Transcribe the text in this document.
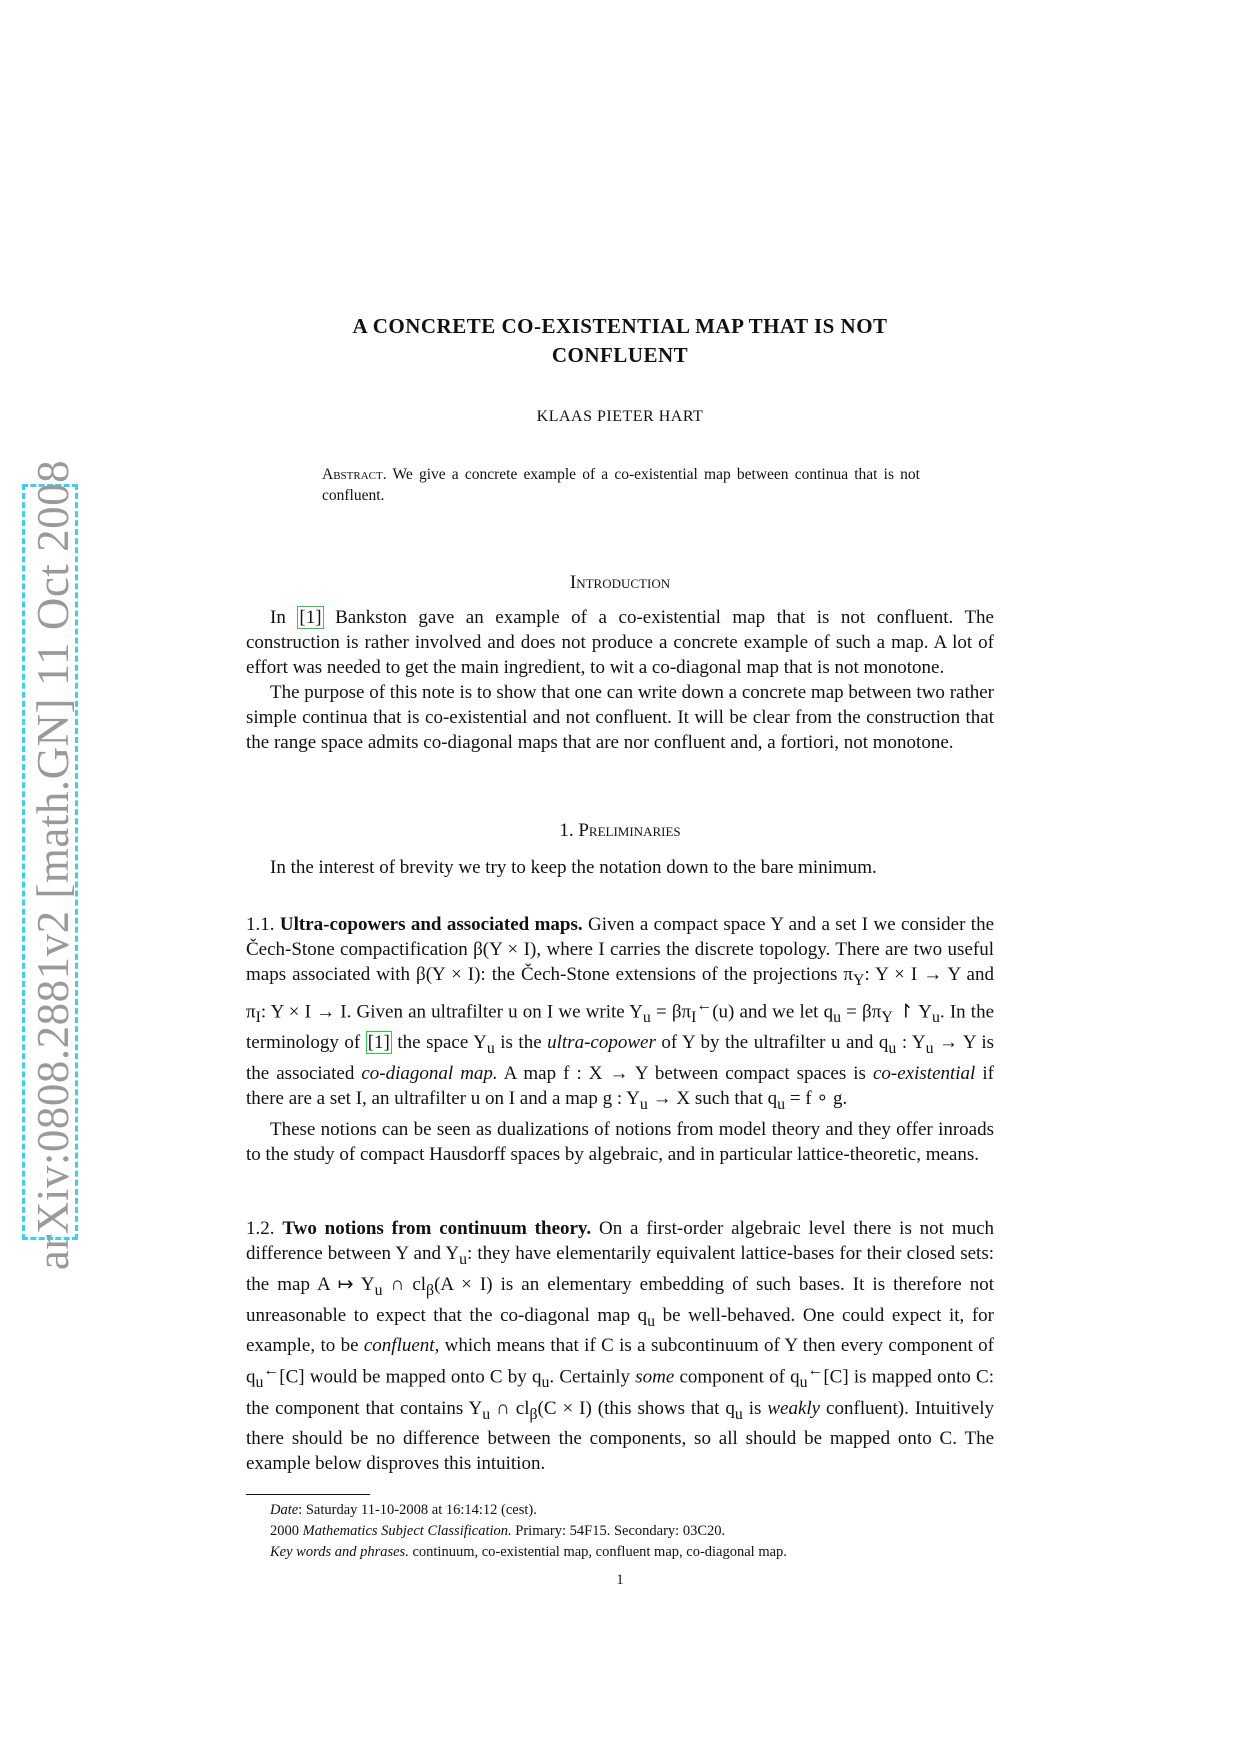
arXiv:0808.2881v2 [math.GN] 11 Oct 2008
A CONCRETE CO-EXISTENTIAL MAP THAT IS NOT
CONFLUENT
KLAAS PIETER HART
Abstract. We give a concrete example of a co-existential map between continua that is not confluent.
Introduction

In [1] Bankston gave an example of a co-existential map that is not confluent. The construction is rather involved and does not produce a concrete example of such a map. A lot of effort was needed to get the main ingredient, to wit a co-diagonal map that is not monotone.

The purpose of this note is to show that one can write down a concrete map between two rather simple continua that is co-existential and not confluent. It will be clear from the construction that the range space admits co-diagonal maps that are nor confluent and, a fortiori, not monotone.

1. Preliminaries

In the interest of brevity we try to keep the notation down to the bare minimum.

1.1. Ultra-copowers and associated maps. Given a compact space Y and a set I we consider the Čech-Stone compactification β(Y × I), where I carries the discrete topology. There are two useful maps associated with β(Y × I): the Čech-Stone extensions of the projections $\pi_Y$: Y × I → Y and $\pi_I$: Y × I → I. Given an ultrafilter u on I we write $Y_u = \beta\pi_I^\leftarrow(u)$ and we let $q_u = \beta\pi_Y$ ↾ $Y_u$. In the terminology of [1] the space $Y_u$ is the ultra-copower of Y by the ultrafilter u and $q_u$ : $Y_u \to Y$ is the associated co-diagonal map. A map f : X → Y between compact spaces is co-existential if there are a set I, an ultrafilter u on I and a map g : $Y_u \to X$ such that $q_u = f$ ∘ g.

These notions can be seen as dualizations of notions from model theory and they offer inroads to the study of compact Hausdorff spaces by algebraic, and in particular lattice-theoretic, means.

1.2. Two notions from continuum theory. On a first-order algebraic level there is not much difference between Y and $Y_u$: they have elementarily equivalent lattice-bases for their closed sets: the map A ↦ $Y_u$ ∩ $cl_\beta(A \times I)$ is an elementary embedding of such bases. It is therefore not unreasonable to expect that the co-diagonal map $q_u$ be well-behaved. One could expect it, for example, to be confluent, which means that if C is a subcontinuum of Y then every component of $q_u^\leftarrow[C]$ would be mapped onto C by $q_u$. Certainly some component of $q_u^\leftarrow[C]$ is mapped onto C: the component that contains $Y_u$ ∩ $cl_\beta(C \times I)$ (this shows that $q_u$ is weakly confluent). Intuitively there should be no difference between the components, so all should be mapped onto C. The example below disproves this intuition.

Date: Saturday 11-10-2008 at 16:14:12 (cest).
2000 Mathematics Subject Classification. Primary: 54F15. Secondary: 03C20.
Key words and phrases. continuum, co-existential map, confluent map, co-diagonal map.
1
